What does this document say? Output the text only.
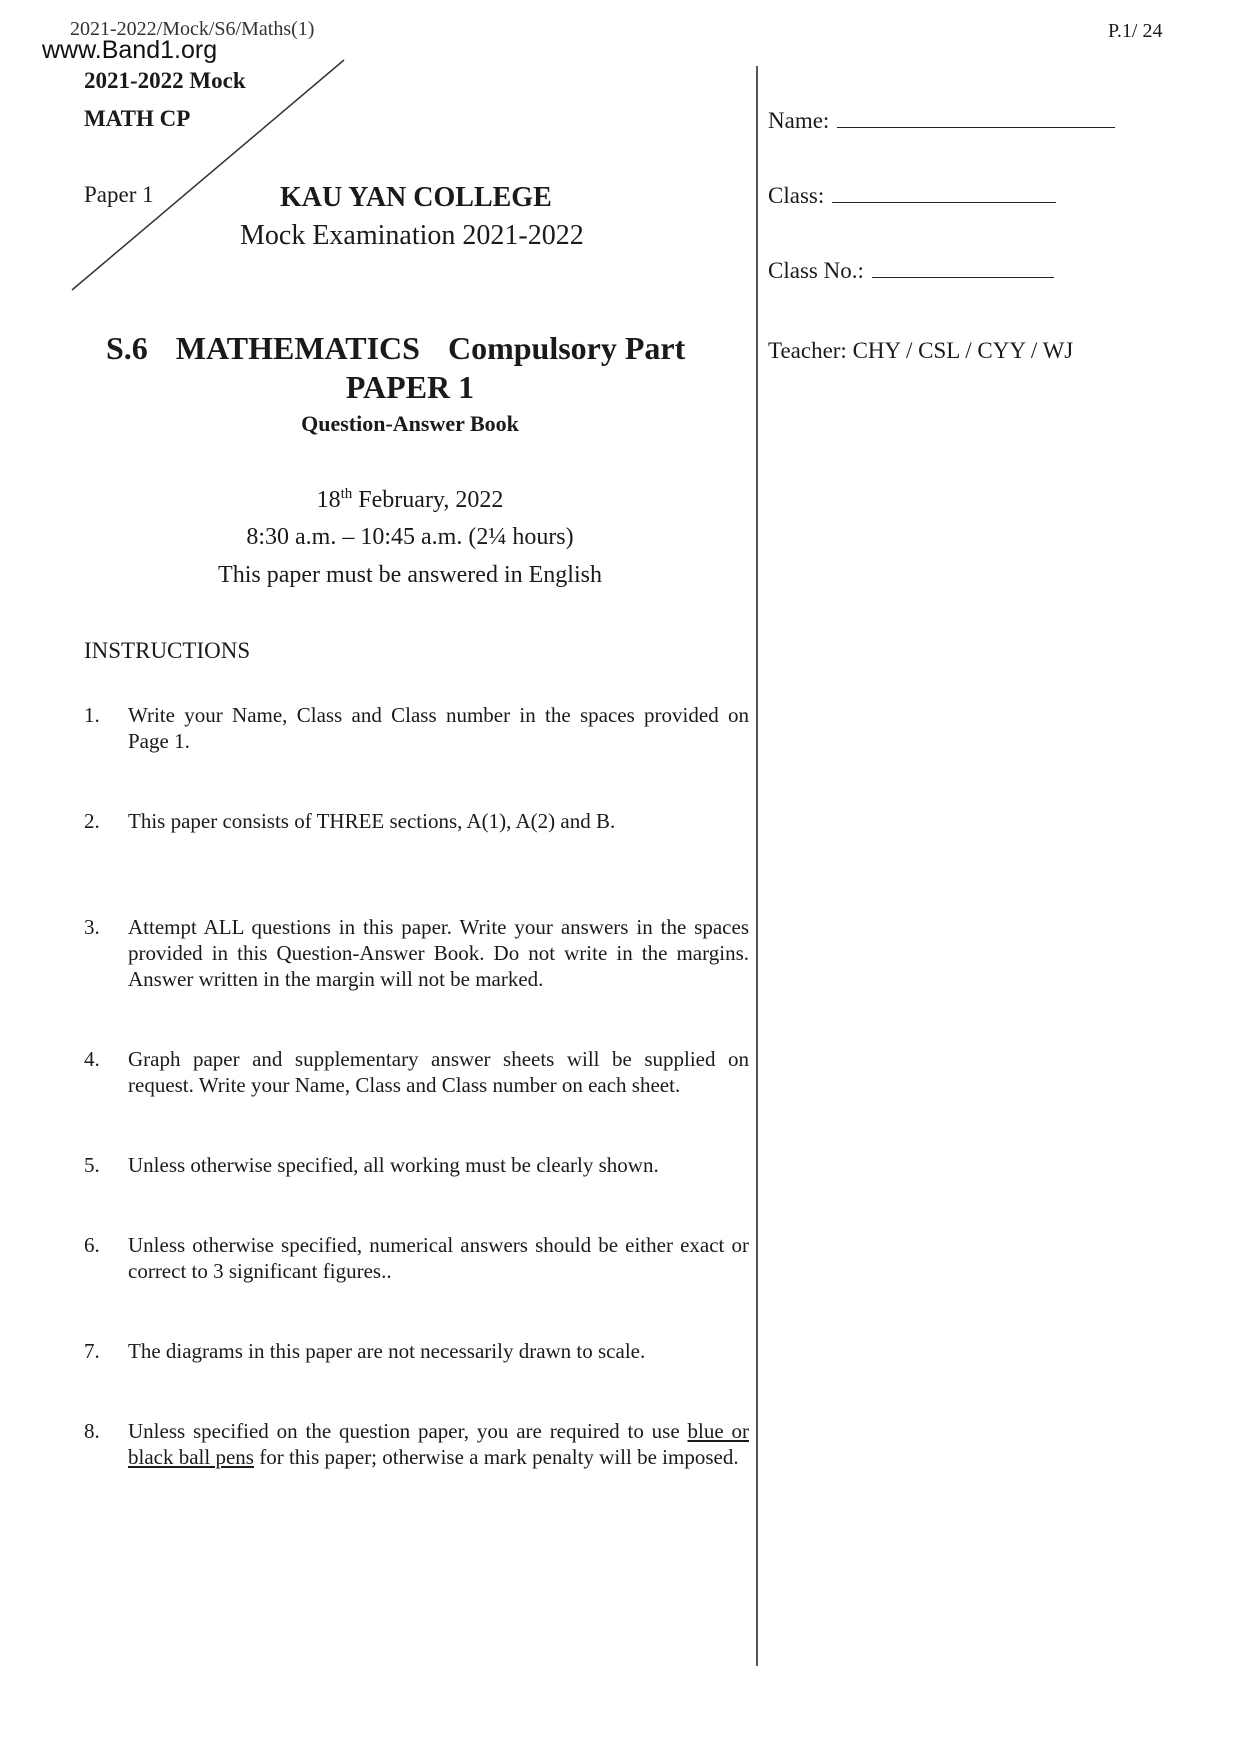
2021-2022/Mock/S6/Maths(1)
www.Band1.org
P.1/ 24
2021-2022 Mock
MATH CP
Paper 1	KAU YAN COLLEGE
Mock Examination 2021-2022
S.6 MATHEMATICS Compulsory Part
PAPER 1
Question-Answer Book
18th February, 2022
8:30 a.m. – 10:45 a.m. (2¼ hours)
This paper must be answered in English
INSTRUCTIONS
1. Write your Name, Class and Class number in the spaces provided on Page 1.
2. This paper consists of THREE sections, A(1), A(2) and B.
3. Attempt ALL questions in this paper. Write your answers in the spaces provided in this Question-Answer Book. Do not write in the margins. Answer written in the margin will not be marked.
4. Graph paper and supplementary answer sheets will be supplied on request. Write your Name, Class and Class number on each sheet.
5. Unless otherwise specified, all working must be clearly shown.
6. Unless otherwise specified, numerical answers should be either exact or correct to 3 significant figures..
7. The diagrams in this paper are not necessarily drawn to scale.
8. Unless specified on the question paper, you are required to use blue or black ball pens for this paper; otherwise a mark penalty will be imposed.
Name:
Class:
Class No.:
Teacher: CHY / CSL / CYY / WJ
